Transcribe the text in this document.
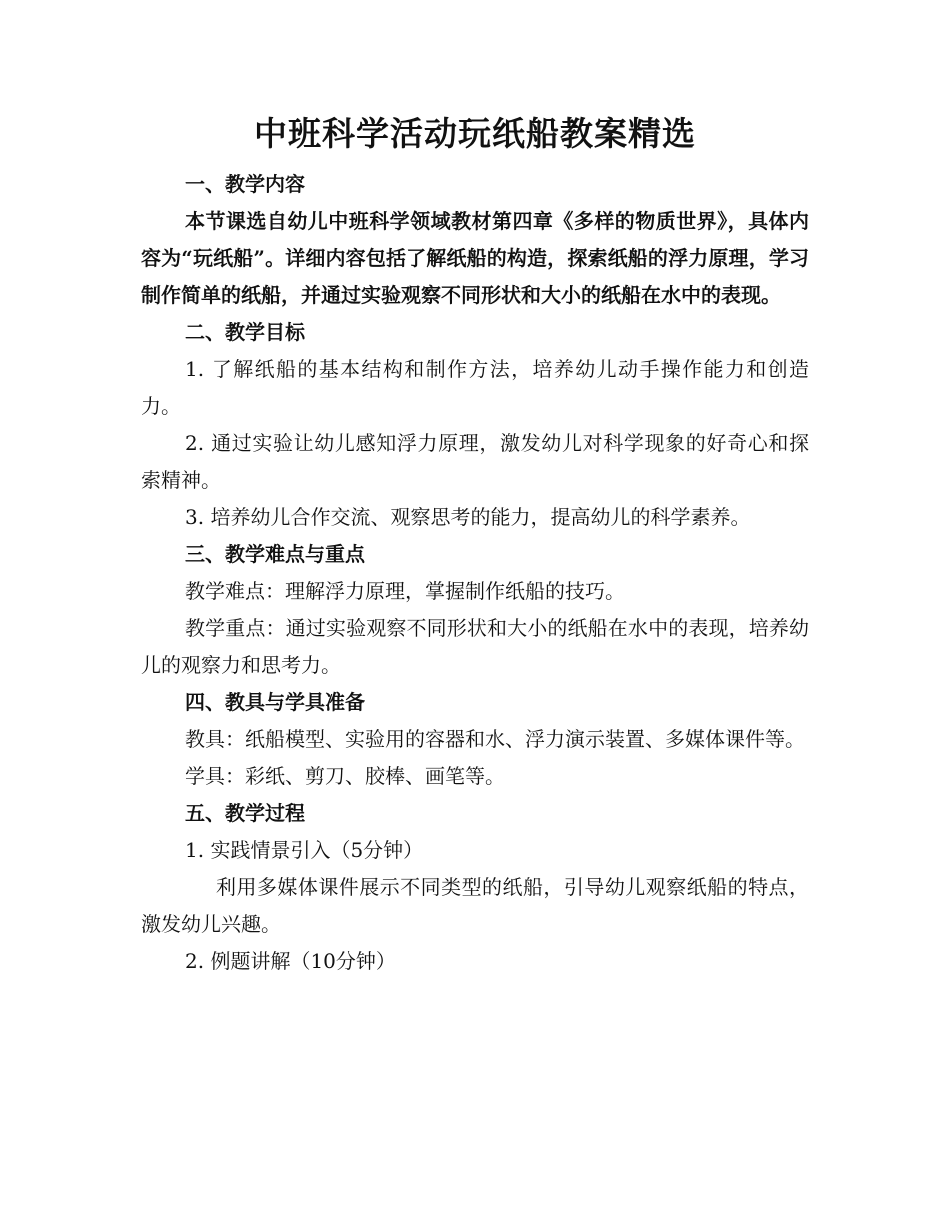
中班科学活动玩纸船教案精选

一、教学内容

本节课选自幼儿中班科学领域教材第四章《多样的物质世界》，具体内容为“玩纸船”。详细内容包括了解纸船的构造，探索纸船的浮力原理，学习制作简单的纸船，并通过实验观察不同形状和大小的纸船在水中的表现。

二、教学目标

1. 了解纸船的基本结构和制作方法，培养幼儿动手操作能力和创造力。

2. 通过实验让幼儿感知浮力原理，激发幼儿对科学现象的好奇心和探索精神。

3. 培养幼儿合作交流、观察思考的能力，提高幼儿的科学素养。

三、教学难点与重点

教学难点：理解浮力原理，掌握制作纸船的技巧。

教学重点：通过实验观察不同形状和大小的纸船在水中的表现，培养幼儿的观察力和思考力。

四、教具与学具准备

教具：纸船模型、实验用的容器和水、浮力演示装置、多媒体课件等。

学具：彩纸、剪刀、胶棒、画笔等。

五、教学过程

1. 实践情景引入（5分钟）

利用多媒体课件展示不同类型的纸船，引导幼儿观察纸船的特点，激发幼儿兴趣。

2. 例题讲解（10分钟）
